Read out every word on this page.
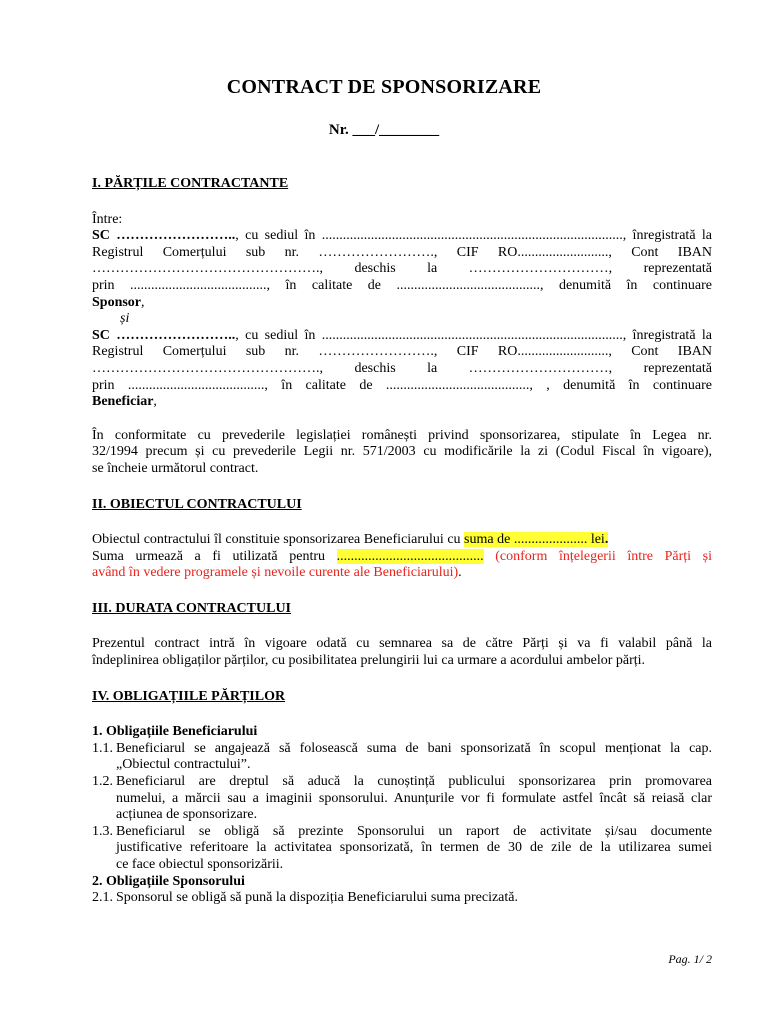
CONTRACT DE SPONSORIZARE
Nr. ___/________
I. PĂRȚILE CONTRACTANTE
Între:
SC …………………….., cu sediul în ......................................................................................, înregistrată la
Registrul Comerțului sub nr. ……………………., CIF RO.........................., Cont IBAN
…………………………………………., deschis la …………………………, reprezentată
prin ......................................., în calitate de ........................................., denumită în continuare
Sponsor,
și
SC …………………….., cu sediul în ......................................................................................, înregistrată la
Registrul Comerțului sub nr. ……………………., CIF RO.........................., Cont IBAN
…………………………………………., deschis la …………………………, reprezentată
prin ......................................., în calitate de ........................................., , denumită în continuare
Beneficiar,
În conformitate cu prevederile legislației românești privind sponsorizarea, stipulate în Legea nr.
32/1994 precum și cu prevederile Legii nr. 571/2003 cu modificările la zi (Codul Fiscal în vigoare),
se încheie următorul contract.
II. OBIECTUL CONTRACTULUI
Obiectul contractului îl constituie sponsorizarea Beneficiarului cu suma de ..................... lei.
Suma urmează a fi utilizată pentru .......................................... (conform înțelegerii între Părți și
având în vedere programele și nevoile curente ale Beneficiarului).
III. DURATA CONTRACTULUI
Prezentul contract intră în vigoare odată cu semnarea sa de către Părți și va fi valabil până la
îndeplinirea obligaților părților, cu posibilitatea prelungirii lui ca urmare a acordului ambelor părți.
IV. OBLIGAȚIILE PĂRȚILOR
1. Obligațiile Beneficiarului
1.1. Beneficiarul se angajează să folosească suma de bani sponsorizată în scopul menționat la cap.
„Obiectul contractului”.
1.2. Beneficiarul are dreptul să aducă la cunoștință publicului sponsorizarea prin promovarea
numelui, a mărcii sau a imaginii sponsorului. Anunțurile vor fi formulate astfel încât să reiasă clar
acțiunea de sponsorizare.
1.3. Beneficiarul se obligă să prezinte Sponsorului un raport de activitate și/sau documente
justificative referitoare la activitatea sponsorizată, în termen de 30 de zile de la utilizarea sumei
ce face obiectul sponsorizării.
2. Obligațiile Sponsorului
2.1. Sponsorul se obligă să pună la dispoziția Beneficiarului suma precizată.
Pag. 1/ 2
